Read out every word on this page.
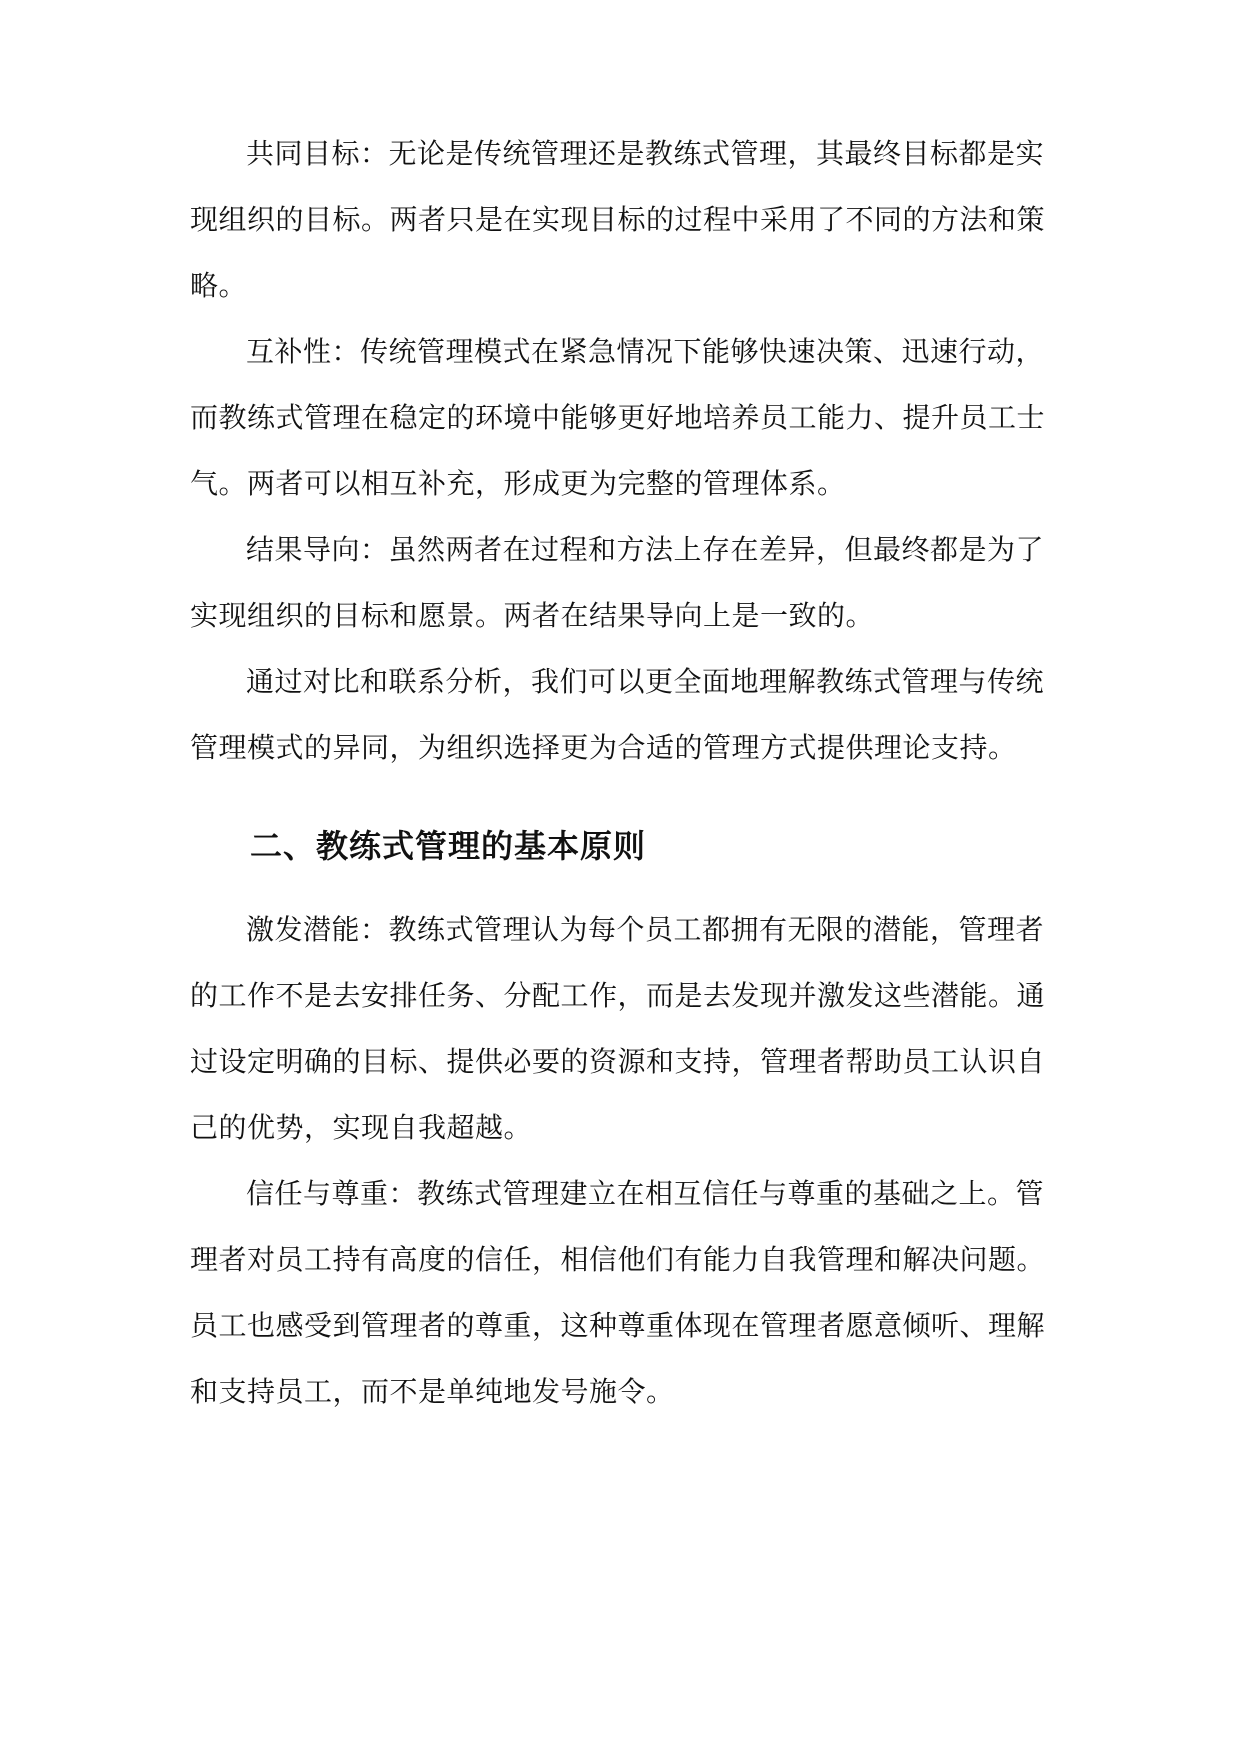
共同目标：无论是传统管理还是教练式管理，其最终目标都是实
现组织的目标。两者只是在实现目标的过程中采用了不同的方法和策
略。
互补性：传统管理模式在紧急情况下能够快速决策、迅速行动，
而教练式管理在稳定的环境中能够更好地培养员工能力、提升员工士
气。两者可以相互补充，形成更为完整的管理体系。
结果导向：虽然两者在过程和方法上存在差异，但最终都是为了
实现组织的目标和愿景。两者在结果导向上是一致的。
通过对比和联系分析，我们可以更全面地理解教练式管理与传统
管理模式的异同，为组织选择更为合适的管理方式提供理论支持。
二、教练式管理的基本原则
激发潜能：教练式管理认为每个员工都拥有无限的潜能，管理者
的工作不是去安排任务、分配工作，而是去发现并激发这些潜能。通
过设定明确的目标、提供必要的资源和支持，管理者帮助员工认识自
己的优势，实现自我超越。
信任与尊重：教练式管理建立在相互信任与尊重的基础之上。管
理者对员工持有高度的信任，相信他们有能力自我管理和解决问题。
员工也感受到管理者的尊重，这种尊重体现在管理者愿意倾听、理解
和支持员工，而不是单纯地发号施令。
